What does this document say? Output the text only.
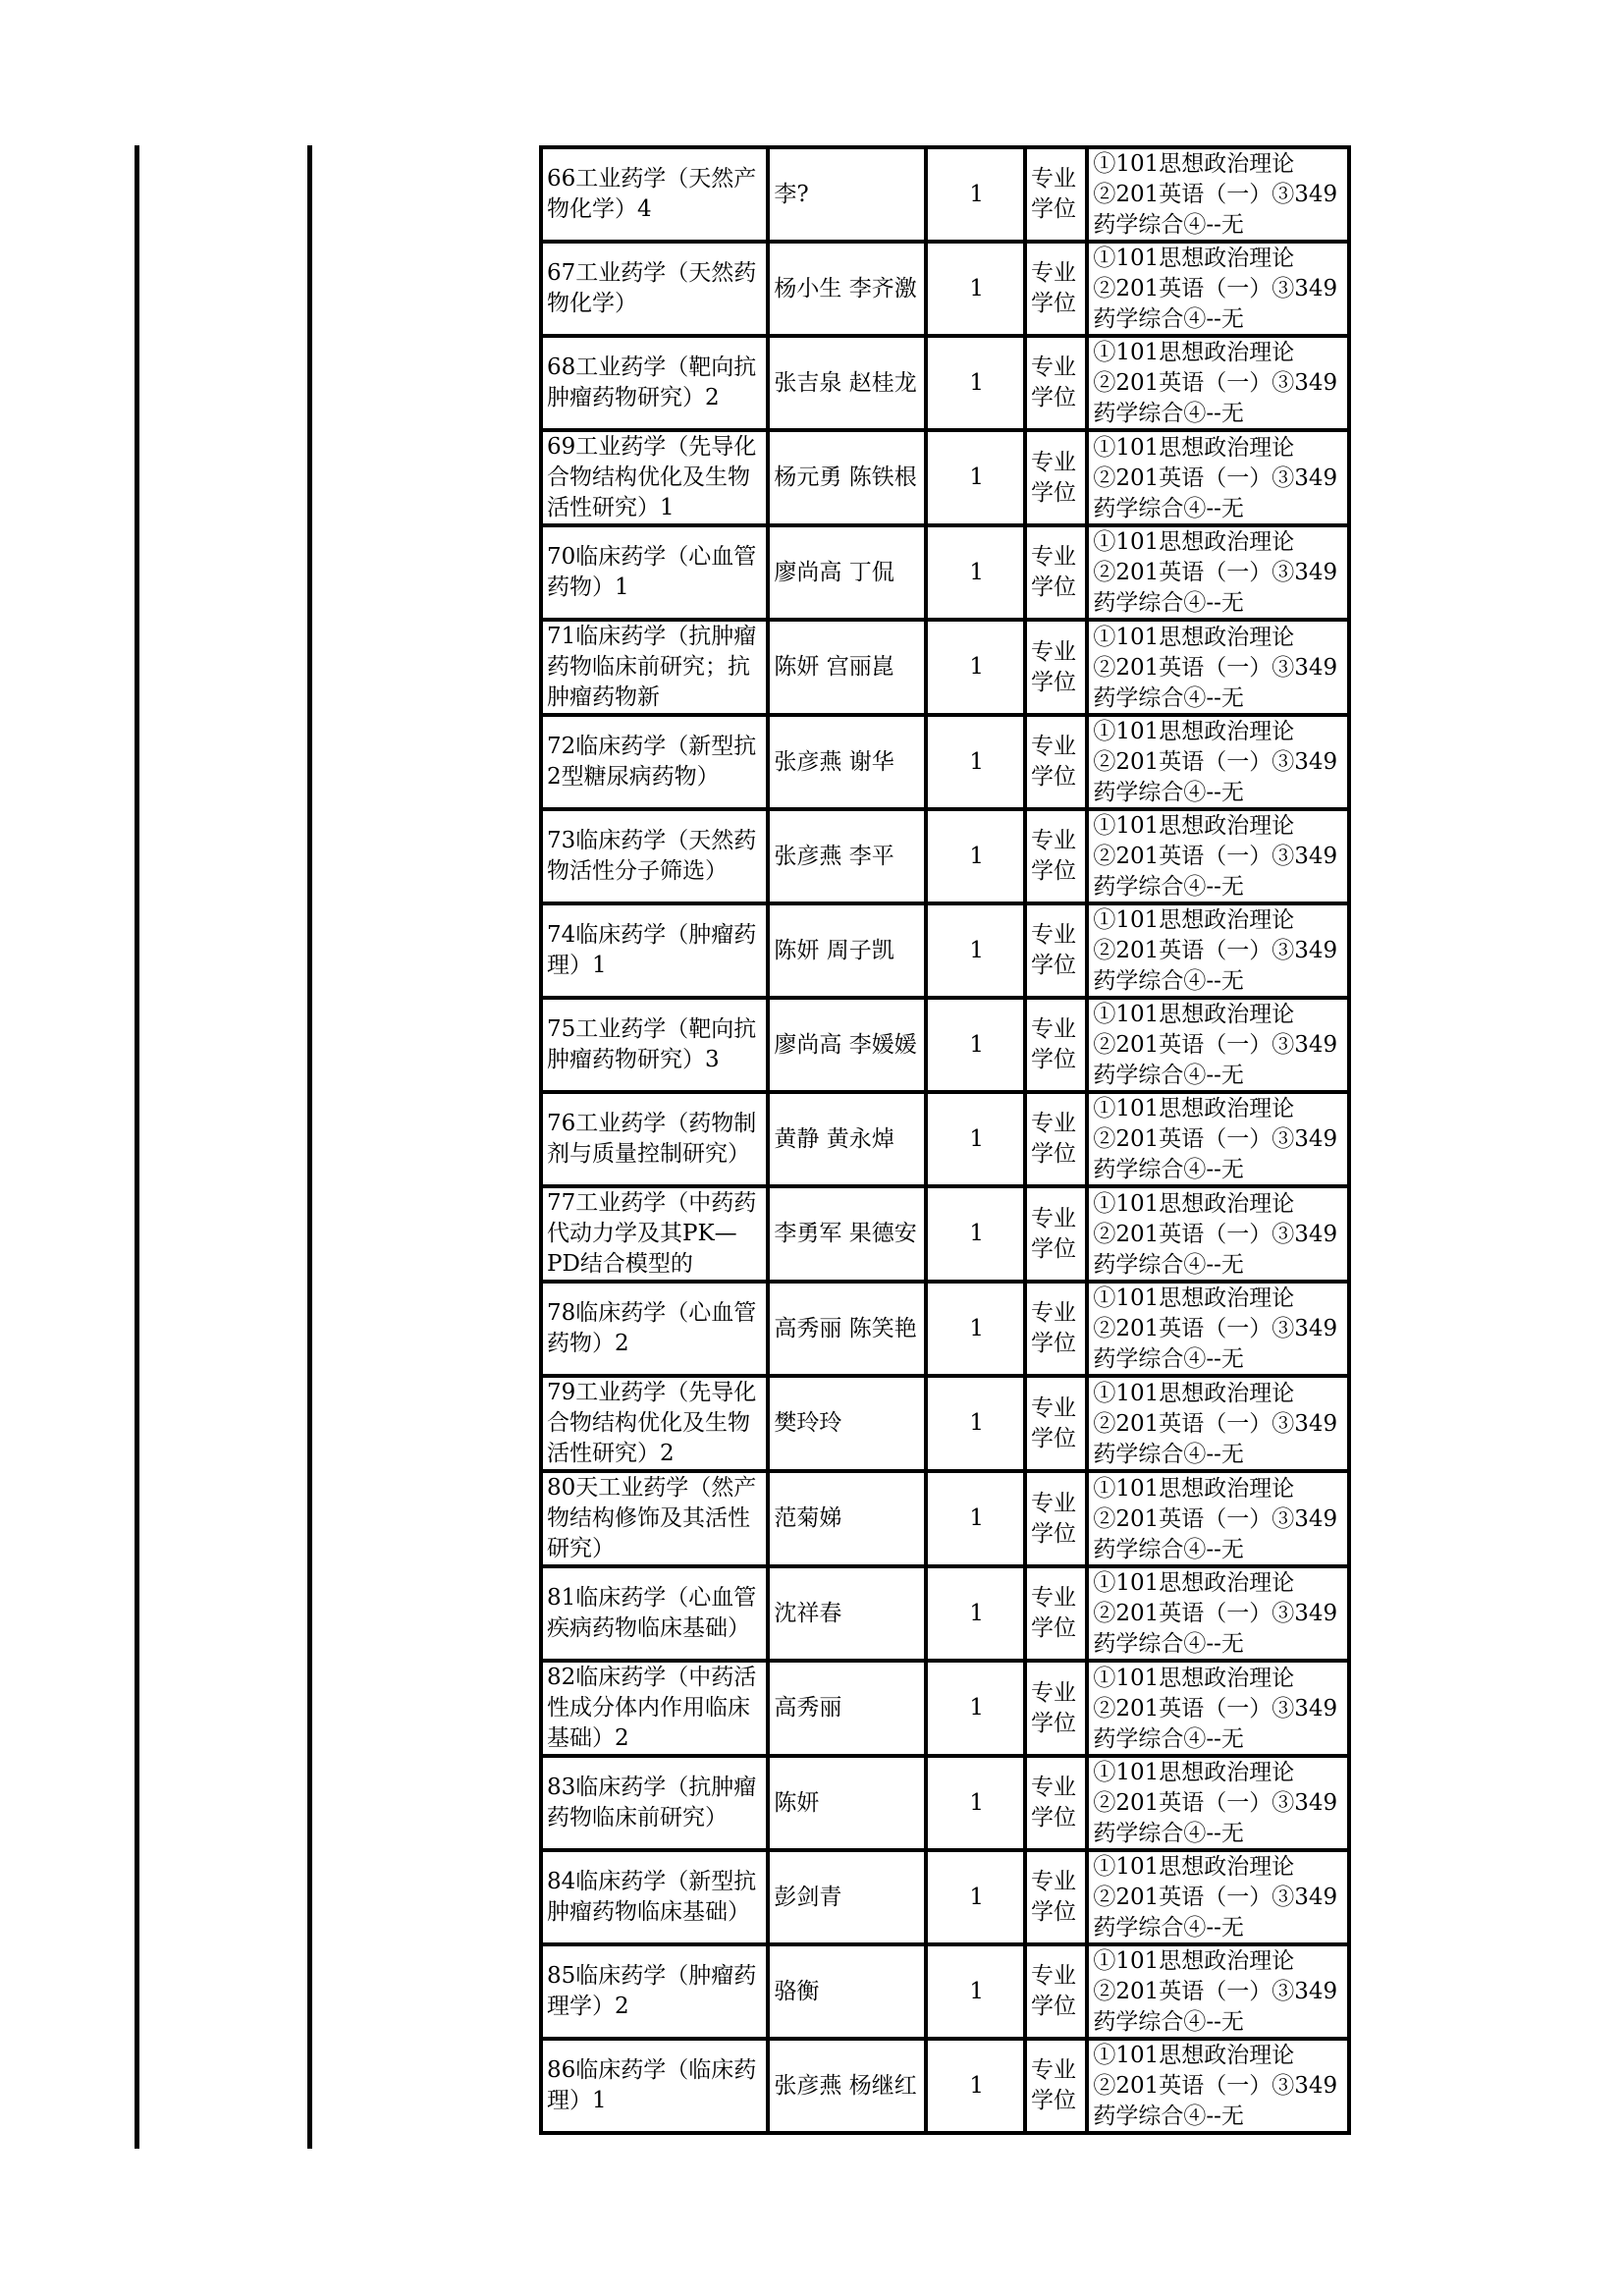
66工业药学（天然产物化学）4	李?	1	专业学位	①101思想政治理论②201英语（一）③349药学综合④--无

67工业药学（天然药物化学）	杨小生 李齐激	1	专业学位	①101思想政治理论②201英语（一）③349药学综合④--无

68工业药学（靶向抗肿瘤药物研究）2	张吉泉 赵桂龙	1	专业学位	①101思想政治理论②201英语（一）③349药学综合④--无

69工业药学（先导化合物结构优化及生物活性研究）1	杨元勇 陈铁根	1	专业学位	①101思想政治理论②201英语（一）③349药学综合④--无

70临床药学（心血管药物）1	廖尚高 丁侃	1	专业学位	①101思想政治理论②201英语（一）③349药学综合④--无

71临床药学（抗肿瘤药物临床前研究；抗肿瘤药物新	陈妍 宫丽崑	1	专业学位	①101思想政治理论②201英语（一）③349药学综合④--无

72临床药学（新型抗2型糖尿病药物）	张彦燕 谢华	1	专业学位	①101思想政治理论②201英语（一）③349药学综合④--无

73临床药学（天然药物活性分子筛选）	张彦燕 李平	1	专业学位	①101思想政治理论②201英语（一）③349药学综合④--无

74临床药学（肿瘤药理）1	陈妍 周子凯	1	专业学位	①101思想政治理论②201英语（一）③349药学综合④--无

75工业药学（靶向抗肿瘤药物研究）3	廖尚高 李媛媛	1	专业学位	①101思想政治理论②201英语（一）③349药学综合④--无

76工业药学（药物制剂与质量控制研究）	黄静 黄永焯	1	专业学位	①101思想政治理论②201英语（一）③349药学综合④--无

77工业药学（中药药代动力学及其PK—PD结合模型的	李勇军 果德安	1	专业学位	①101思想政治理论②201英语（一）③349药学综合④--无

78临床药学（心血管药物）2	高秀丽 陈笑艳	1	专业学位	①101思想政治理论②201英语（一）③349药学综合④--无

79工业药学（先导化合物结构优化及生物活性研究）2	樊玲玲	1	专业学位	①101思想政治理论②201英语（一）③349药学综合④--无

80天工业药学（然产物结构修饰及其活性研究）	范菊娣	1	专业学位	①101思想政治理论②201英语（一）③349药学综合④--无

81临床药学（心血管疾病药物临床基础）	沈祥春	1	专业学位	①101思想政治理论②201英语（一）③349药学综合④--无

82临床药学（中药活性成分体内作用临床基础）2	高秀丽	1	专业学位	①101思想政治理论②201英语（一）③349药学综合④--无

83临床药学（抗肿瘤药物临床前研究）	陈妍	1	专业学位	①101思想政治理论②201英语（一）③349药学综合④--无

84临床药学（新型抗肿瘤药物临床基础）	彭剑青	1	专业学位	①101思想政治理论②201英语（一）③349药学综合④--无

85临床药学（肿瘤药理学）2	骆衡	1	专业学位	①101思想政治理论②201英语（一）③349药学综合④--无

86临床药学（临床药理）1	张彦燕 杨继红	1	专业学位	①101思想政治理论②201英语（一）③349药学综合④--无
